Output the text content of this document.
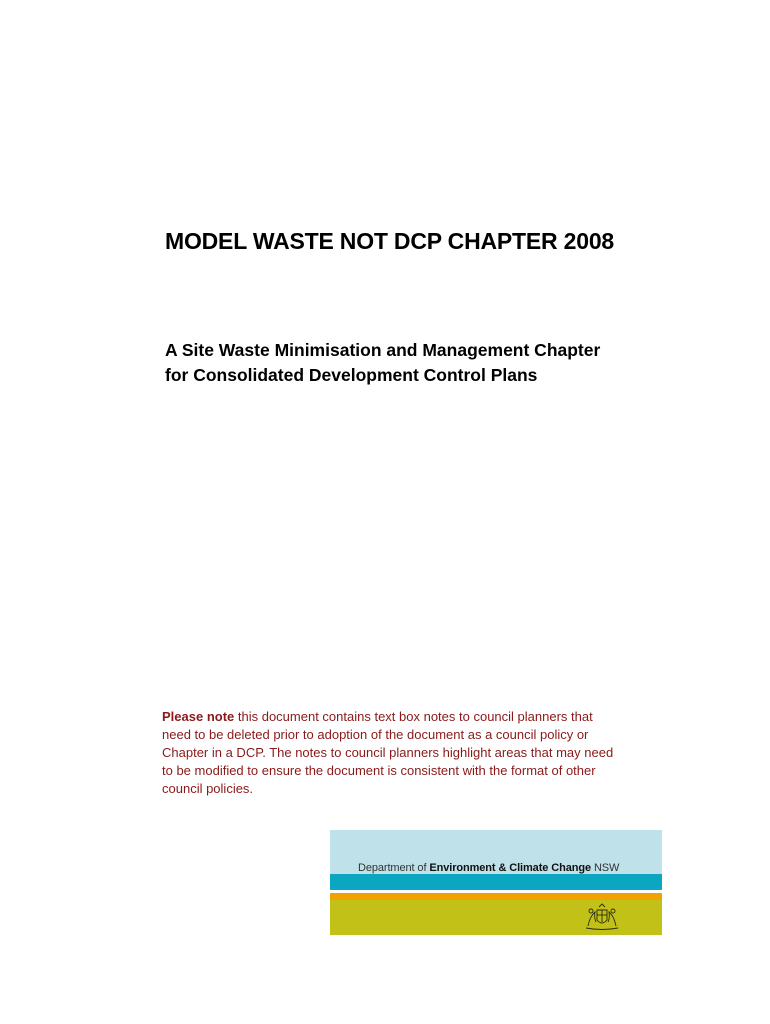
MODEL WASTE NOT DCP CHAPTER 2008
A Site Waste Minimisation and Management Chapter
for Consolidated Development Control Plans

Please note this document contains text box notes to council planners that
need to be deleted prior to adoption of the document as a council policy or
Chapter in a DCP. The notes to council planners highlight areas that may need
to be modified to ensure the document is consistent with the format of other
council policies.

Department of Environment & Climate Change NSW
